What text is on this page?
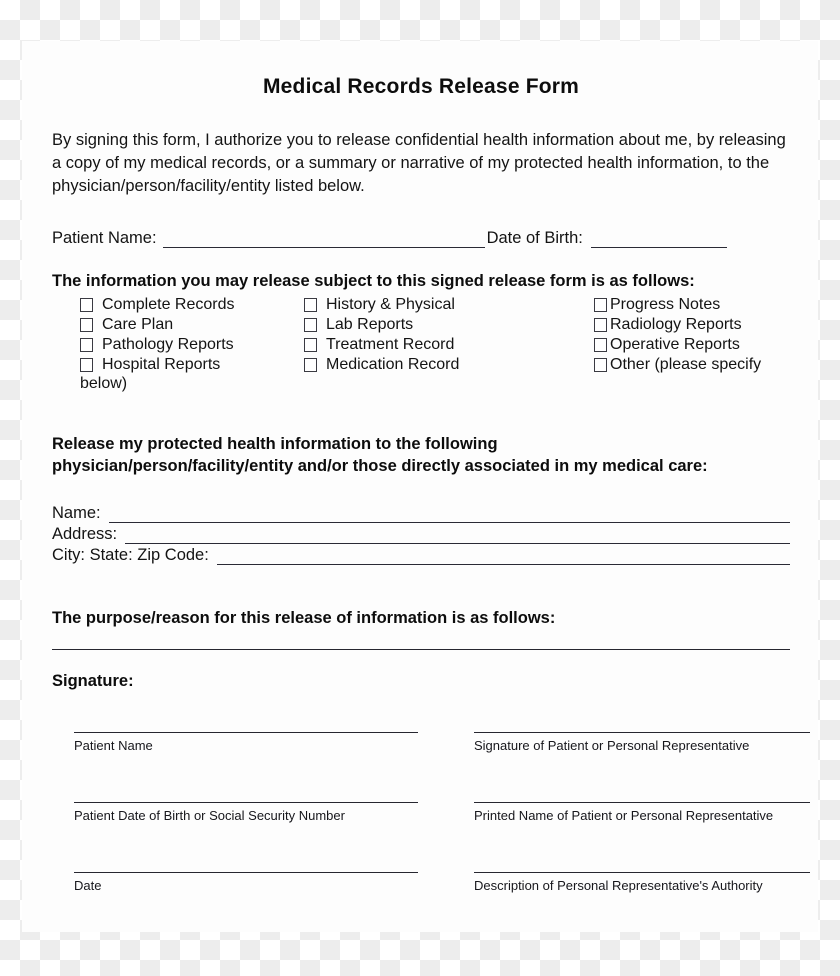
Medical Records Release Form

By signing this form, I authorize you to release confidential health information about me, by releasing a copy of my medical records, or a summary or narrative of my protected health information, to the physician/person/facility/entity listed below.

Patient Name:	Date of Birth:
The information you may release subject to this signed release form is as follows:
Complete Records
Care Plan
Pathology Reports
Hospital Reports
below)
History & Physical
Lab Reports
Treatment Record
Medication Record
Progress Notes
Radiology Reports
Operative Reports
Other (please specify
Release my protected health information to the following
physician/person/facility/entity and/or those directly associated in my medical care:
Name:
Address:
City: State: Zip Code:
The purpose/reason for this release of information is as follows:
Signature:
Patient Name	Signature of Patient or Personal Representative
Patient Date of Birth or Social Security Number	Printed Name of Patient or Personal Representative
Date	Description of Personal Representative's Authority
